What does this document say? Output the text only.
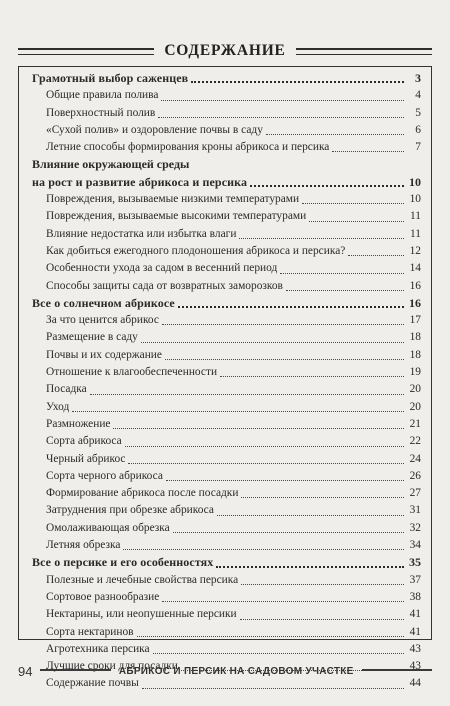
СОДЕРЖАНИЕ
Грамотный выбор саженцев	3
Общие правила полива	4
Поверхностный полив	5
«Сухой полив» и оздоровление почвы в саду	6
Летние способы формирования кроны абрикоса и персика	7
Влияние окружающей среды
на рост и развитие абрикоса и персика	10
Повреждения, вызываемые низкими температурами	10
Повреждения, вызываемые высокими температурами	11
Влияние недостатка или избытка влаги	11
Как добиться ежегодного плодоношения абрикоса и персика?	12
Особенности ухода за садом в весенний период	14
Способы защиты сада от возвратных заморозков	16
Все о солнечном абрикосе	16
За что ценится абрикос	17
Размещение в саду	18
Почвы и их содержание	18
Отношение к влагообеспеченности	19
Посадка	20
Уход	20
Размножение	21
Сорта абрикоса	22
Черный абрикос	24
Сорта черного абрикоса	26
Формирование абрикоса после посадки	27
Затруднения при обрезке абрикоса	31
Омолаживающая обрезка	32
Летняя обрезка	34
Все о персике и его особенностях	35
Полезные и лечебные свойства персика	37
Сортовое разнообразие	38
Нектарины, или неопушенные персики	41
Сорта нектаринов	41
Агротехника персика	43
Лучшие сроки для посадки	43
Содержание почвы	44
94	АБРИКОС И ПЕРСИК НА САДОВОМ УЧАСТКЕ
